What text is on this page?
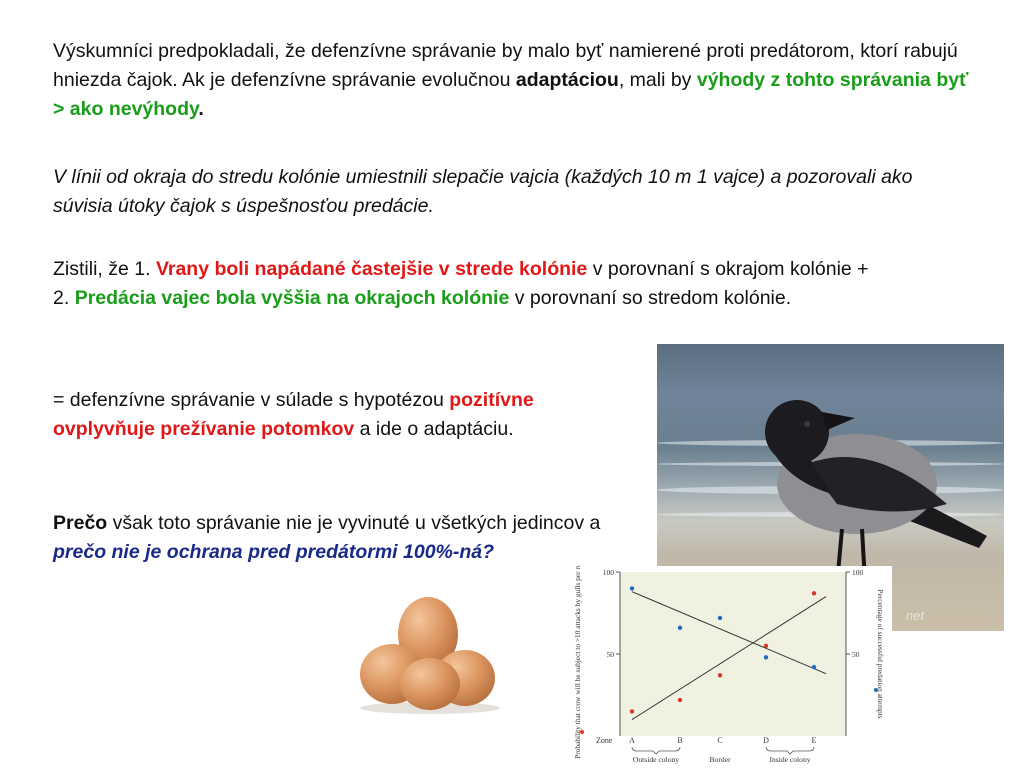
Výskumníci predpokladali, že defenzívne správanie by malo byť namierené proti predátorom, ktorí rabujú hniezda čajok. Ak je defenzívne správanie evolučnou adaptáciou, mali by výhody z tohto správania byť > ako nevýhody.

V línii od okraja do stredu kolónie umiestnili slepačie vajcia (každých 10 m 1 vajce) a pozorovali ako súvisia útoky čajok s úspešnosťou predácie.

Zistili, že 1. Vrany boli napádané častejšie v strede kolónie v porovnaní s okrajom kolónie +
2. Predácia vajec bola vyššia na okrajoch kolónie v porovnaní so stredom kolónie.

= defenzívne správanie v súlade s hypotézou pozitívne ovplyvňuje prežívanie potomkov a ide o adaptáciu.

Prečo však toto správanie nie je vyvinuté u všetkých jedincov a prečo nie je ochrana pred predátormi 100%-ná?

net
50	50
100	100
A	B	C	D	E
Outside colony	Border	Inside colony
Probability that crow will be subject to >10 attacks by gulls per minute	Percentage of successful predation attempts
Zone
